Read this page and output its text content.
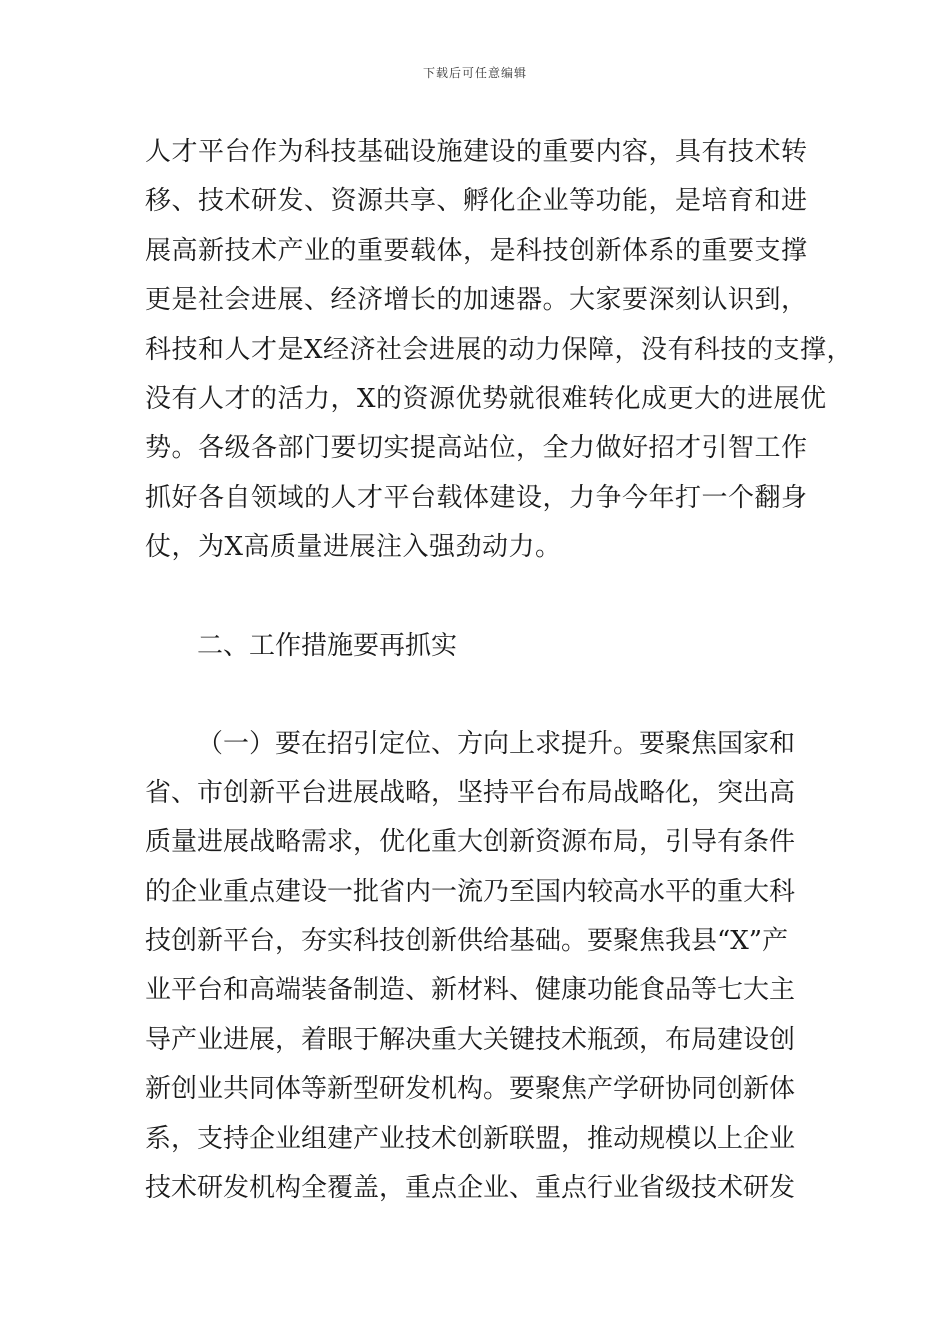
下载后可任意编辑
人才平台作为科技基础设施建设的重要内容，具有技术转
移、技术研发、资源共享、孵化企业等功能，是培育和进
展高新技术产业的重要载体，是科技创新体系的重要支撑
更是社会进展、经济增长的加速器。大家要深刻认识到，
科技和人才是X经济社会进展的动力保障，没有科技的支撑，
没有人才的活力，X的资源优势就很难转化成更大的进展优
势。各级各部门要切实提高站位，全力做好招才引智工作
抓好各自领域的人才平台载体建设，力争今年打一个翻身
仗，为X高质量进展注入强劲动力。
二、工作措施要再抓实
（一）要在招引定位、方向上求提升。要聚焦国家和
省、市创新平台进展战略，坚持平台布局战略化，突出高
质量进展战略需求，优化重大创新资源布局，引导有条件
的企业重点建设一批省内一流乃至国内较高水平的重大科
技创新平台，夯实科技创新供给基础。要聚焦我县“X”产
业平台和高端装备制造、新材料、健康功能食品等七大主
导产业进展，着眼于解决重大关键技术瓶颈，布局建设创
新创业共同体等新型研发机构。要聚焦产学研协同创新体
系，支持企业组建产业技术创新联盟，推动规模以上企业
技术研发机构全覆盖，重点企业、重点行业省级技术研发
